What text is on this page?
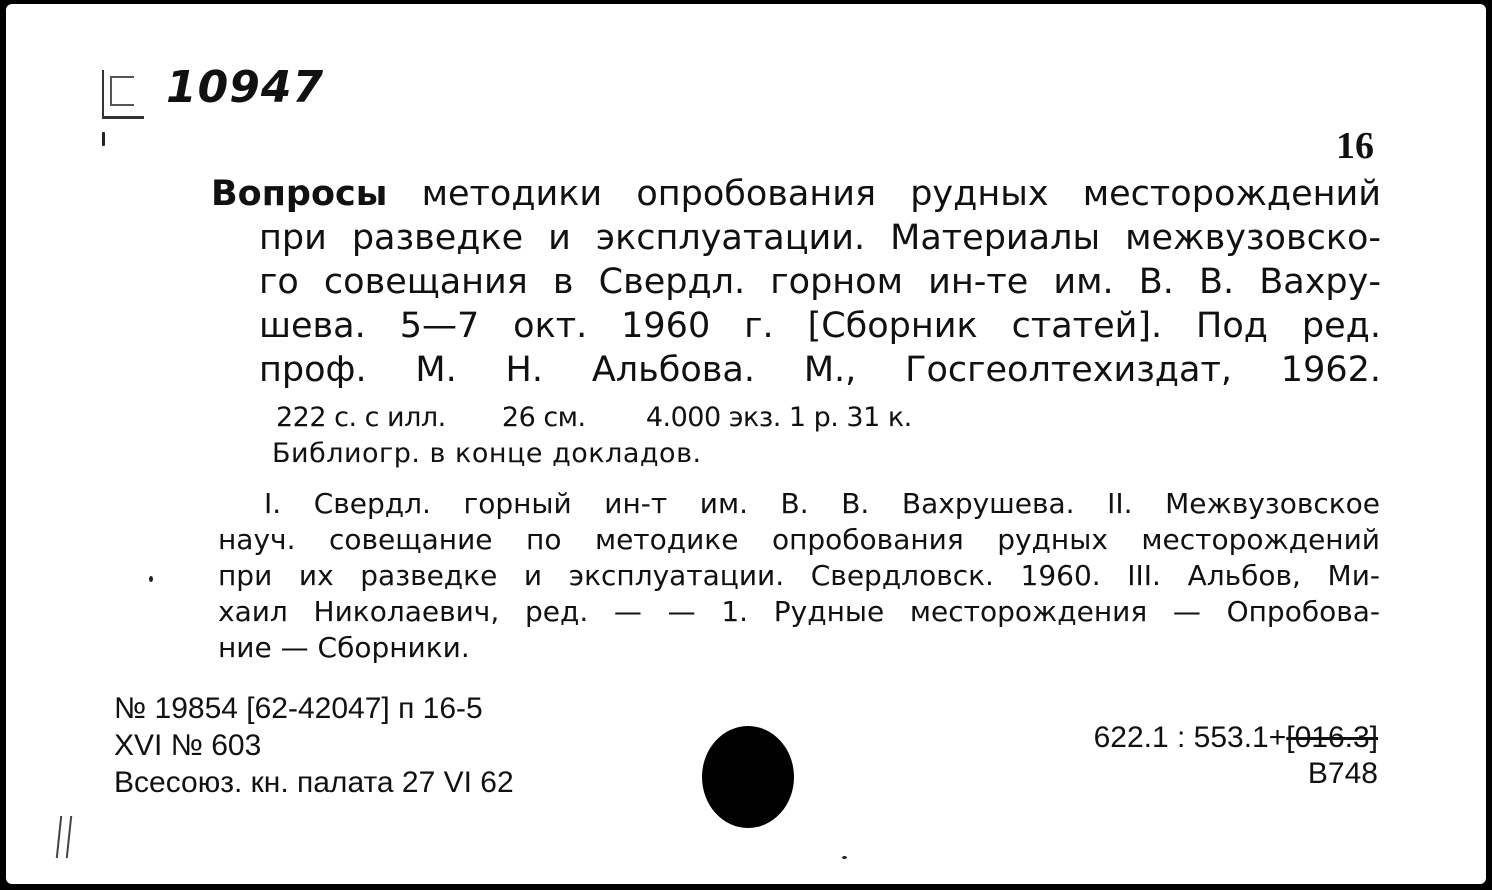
10947
16
Вопросы методики опробования рудных месторождений
при разведке и эксплуатации. Материалы межвузовско-
го совещания в Свердл. горном ин-те им. В. В. Вахру-
шева. 5—7 окт. 1960 г. [Сборник статей]. Под ред.
проф. М. Н. Альбова. М., Госгеолтехиздат, 1962.
222 с. с илл. 26 см. 4.000 экз. 1 р. 31 к.
Библиогр. в конце докладов.
I. Свердл. горный ин-т им. В. В. Вахрушева. II. Межвузовское
науч. совещание по методике опробования рудных месторождений
при их разведке и эксплуатации. Свердловск. 1960. III. Альбов, Ми-
хаил Николаевич, ред. — — 1. Рудные месторождения — Опробова-
ние — Сборники.
№ 19854 [62-42047] п 16-5
XVI № 603
Всесоюз. кн. палата 27 VI 62
622.1 : 553.1+[016.3]
В748
